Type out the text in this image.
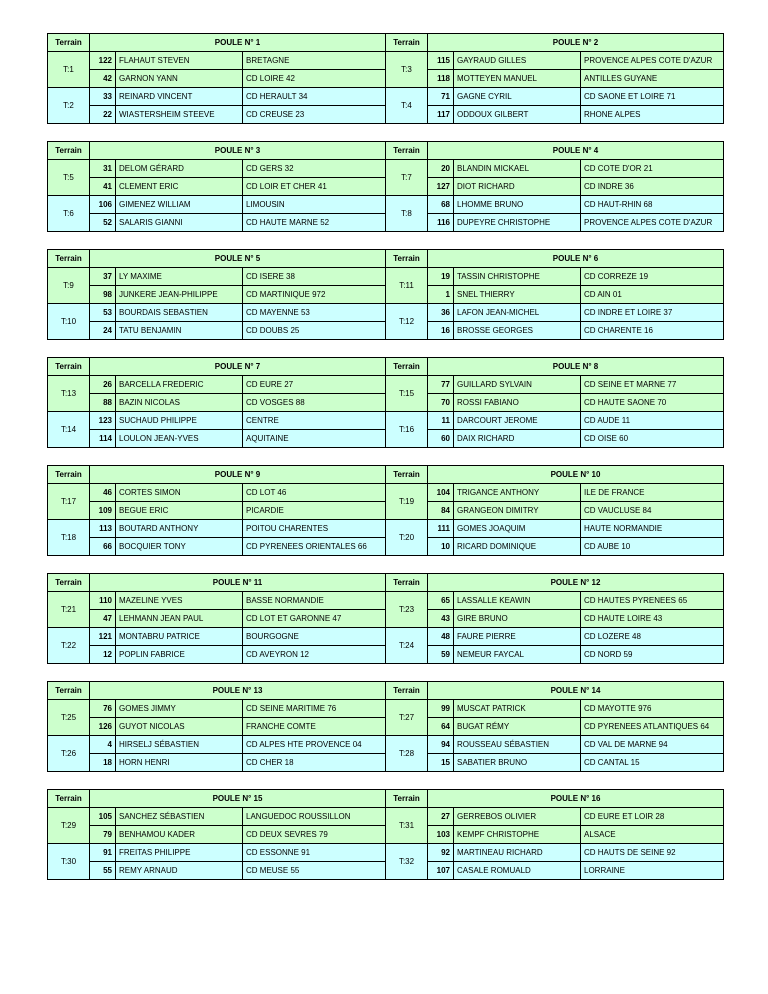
Terrain	POULE N° 1		
T:1	122	FLAHAUT STEVEN	BRETAGNE
	42	GARNON YANN	CD LOIRE 42
T:2	33	REINARD VINCENT	CD HERAULT 34
	22	WIASTERSHEIM STEEVE	CD CREUSE 23
Terrain	POULE N° 2		
T:3	115	GAYRAUD GILLES	PROVENCE ALPES COTE D'AZUR
	118	MOTTEYEN MANUEL	ANTILLES GUYANE
T:4	71	GAGNE CYRIL	CD SAONE ET LOIRE 71
	117	ODDOUX GILBERT	RHONE ALPES
Terrain	POULE N° 3		
T:5	31	DELOM GÉRARD	CD GERS 32
	41	CLEMENT ERIC	CD LOIR ET CHER 41
T:6	106	GIMENEZ WILLIAM	LIMOUSIN
	52	SALARIS GIANNI	CD HAUTE MARNE 52
Terrain	POULE N° 4		
T:7	20	BLANDIN MICKAEL	CD COTE D'OR 21
	127	DIOT RICHARD	CD INDRE 36
T:8	68	LHOMME BRUNO	CD HAUT-RHIN 68
	116	DUPEYRE CHRISTOPHE	PROVENCE ALPES COTE D'AZUR
Terrain	POULE N° 5		
T:9	37	LY MAXIME	CD ISERE 38
	98	JUNKERE JEAN-PHILIPPE	CD MARTINIQUE 972
T:10	53	BOURDAIS SEBASTIEN	CD MAYENNE 53
	24	TATU BENJAMIN	CD DOUBS 25
Terrain	POULE N° 6		
T:11	19	TASSIN CHRISTOPHE	CD CORREZE 19
	1	SNEL THIERRY	CD AIN 01
T:12	36	LAFON JEAN-MICHEL	CD INDRE ET LOIRE 37
	16	BROSSE GEORGES	CD CHARENTE 16
Terrain	POULE N° 7		
T:13	26	BARCELLA FREDERIC	CD EURE 27
	88	BAZIN NICOLAS	CD VOSGES 88
T:14	123	SUCHAUD PHILIPPE	CENTRE
	114	LOULON JEAN-YVES	AQUITAINE
Terrain	POULE N° 8		
T:15	77	GUILLARD SYLVAIN	CD SEINE ET MARNE 77
	70	ROSSI FABIANO	CD HAUTE SAONE 70
T:16	11	DARCOURT JEROME	CD AUDE 11
	60	DAIX RICHARD	CD OISE 60
Terrain	POULE N° 9		
T:17	46	CORTES SIMON	CD LOT 46
	109	BEGUE ERIC	PICARDIE
T:18	113	BOUTARD ANTHONY	POITOU CHARENTES
	66	BOCQUIER TONY	CD PYRENEES ORIENTALES 66
Terrain	POULE N° 10		
T:19	104	TRIGANCE ANTHONY	ILE DE FRANCE
	84	GRANGEON DIMITRY	CD VAUCLUSE 84
T:20	111	GOMES JOAQUIM	HAUTE NORMANDIE
	10	RICARD DOMINIQUE	CD AUBE 10
Terrain	POULE N° 11		
T:21	110	MAZELINE YVES	BASSE NORMANDIE
	47	LEHMANN JEAN PAUL	CD LOT ET GARONNE 47
T:22	121	MONTABRU PATRICE	BOURGOGNE
	12	POPLIN FABRICE	CD AVEYRON 12
Terrain	POULE N° 12		
T:23	65	LASSALLE KEAWIN	CD HAUTES PYRENEES 65
	43	GIRE BRUNO	CD HAUTE LOIRE 43
T:24	48	FAURE PIERRE	CD LOZERE 48
	59	NEMEUR FAYCAL	CD NORD 59
Terrain	POULE N° 13		
T:25	76	GOMES JIMMY	CD SEINE MARITIME 76
	126	GUYOT NICOLAS	FRANCHE COMTE
T:26	4	HIRSELJ SÉBASTIEN	CD ALPES HTE PROVENCE 04
	18	HORN HENRI	CD CHER 18
Terrain	POULE N° 14		
T:27	99	MUSCAT PATRICK	CD MAYOTTE 976
	64	BUGAT RÉMY	CD PYRENEES ATLANTIQUES 64
T:28	94	ROUSSEAU SÉBASTIEN	CD VAL DE MARNE 94
	15	SABATIER BRUNO	CD CANTAL 15
Terrain	POULE N° 15		
T:29	105	SANCHEZ SÉBASTIEN	LANGUEDOC ROUSSILLON
	79	BENHAMOU KADER	CD DEUX SEVRES 79
T:30	91	FREITAS PHILIPPE	CD ESSONNE 91
	55	REMY ARNAUD	CD MEUSE 55
Terrain	POULE N° 16		
T:31	27	GERREBOS OLIVIER	CD EURE ET LOIR 28
	103	KEMPF CHRISTOPHE	ALSACE
T:32	92	MARTINEAU RICHARD	CD HAUTS DE SEINE 92
	107	CASALE ROMUALD	LORRAINE
